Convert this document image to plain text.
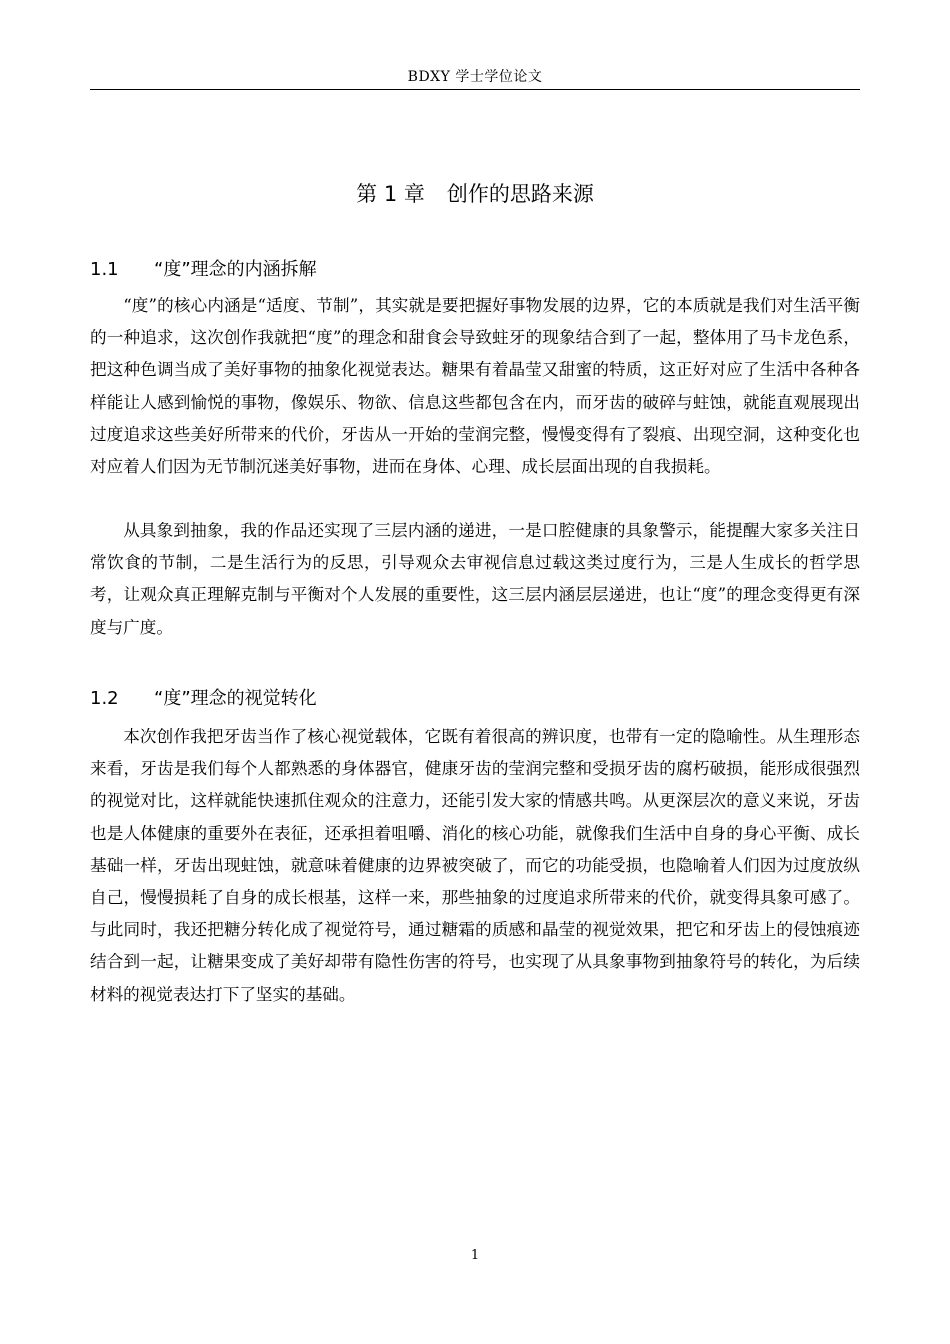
BDXY 学士学位论文
第 1 章 创作的思路来源
1.1 “度”理念的内涵拆解

“度”的核心内涵是“适度、节制”，其实就是要把握好事物发展的边界，它的本质就是我们对生活平衡的一种追求，这次创作我就把“度”的理念和甜食会导致蛀牙的现象结合到了一起，整体用了马卡龙色系，把这种色调当成了美好事物的抽象化视觉表达。糖果有着晶莹又甜蜜的特质，这正好对应了生活中各种各样能让人感到愉悦的事物，像娱乐、物欲、信息这些都包含在内，而牙齿的破碎与蛀蚀，就能直观展现出过度追求这些美好所带来的代价，牙齿从一开始的莹润完整，慢慢变得有了裂痕、出现空洞，这种变化也对应着人们因为无节制沉迷美好事物，进而在身体、心理、成长层面出现的自我损耗。

从具象到抽象，我的作品还实现了三层内涵的递进，一是口腔健康的具象警示，能提醒大家多关注日常饮食的节制，二是生活行为的反思，引导观众去审视信息过载这类过度行为，三是人生成长的哲学思考，让观众真正理解克制与平衡对个人发展的重要性，这三层内涵层层递进，也让“度”的理念变得更有深度与广度。

1.2 “度”理念的视觉转化

本次创作我把牙齿当作了核心视觉载体，它既有着很高的辨识度，也带有一定的隐喻性。从生理形态来看，牙齿是我们每个人都熟悉的身体器官，健康牙齿的莹润完整和受损牙齿的腐朽破损，能形成很强烈的视觉对比，这样就能快速抓住观众的注意力，还能引发大家的情感共鸣。从更深层次的意义来说，牙齿也是人体健康的重要外在表征，还承担着咀嚼、消化的核心功能，就像我们生活中自身的身心平衡、成长基础一样，牙齿出现蛀蚀，就意味着健康的边界被突破了，而它的功能受损，也隐喻着人们因为过度放纵自己，慢慢损耗了自身的成长根基，这样一来，那些抽象的过度追求所带来的代价，就变得具象可感了。与此同时，我还把糖分转化成了视觉符号，通过糖霜的质感和晶莹的视觉效果，把它和牙齿上的侵蚀痕迹结合到一起，让糖果变成了美好却带有隐性伤害的符号，也实现了从具象事物到抽象符号的转化，为后续材料的视觉表达打下了坚实的基础。

1
